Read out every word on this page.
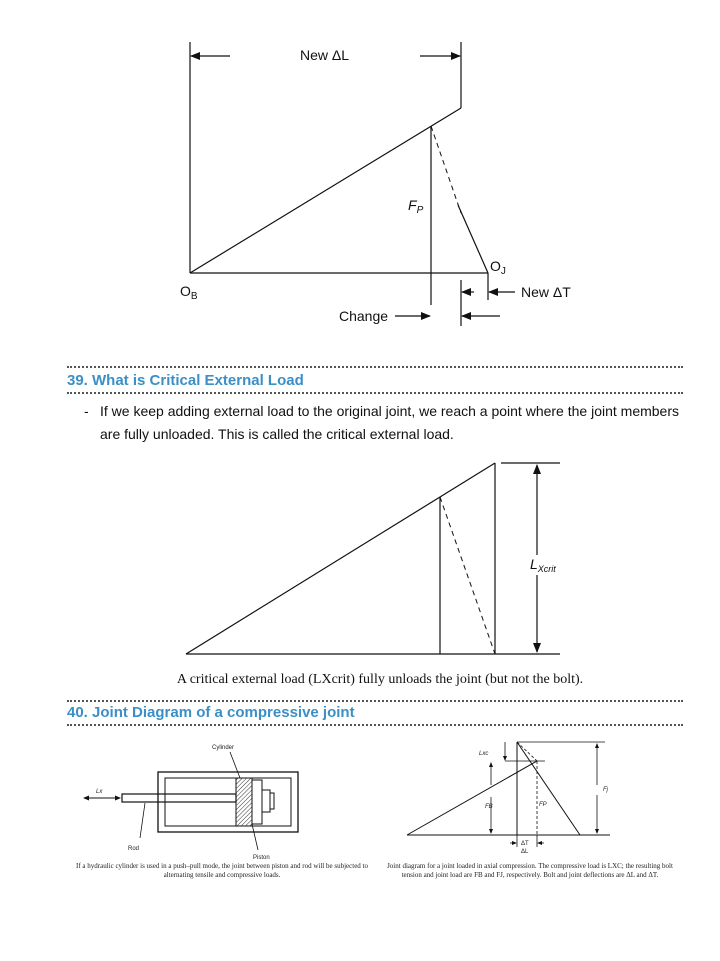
New ΔL
$F_P$
$O_B$
$O_J$
New ΔT
Change
39. What is Critical External Load
- If we keep adding external load to the original joint, we reach a point where the joint members are fully unloaded. This is called the critical external load.
$L_{Xcrit}$
A critical external load (LXcrit) fully unloads the joint (but not the bolt).
40. Joint Diagram of a compressive joint
Cylinder
Lx
Rod
Piston
If a hydraulic cylinder is used in a push–pull mode, the joint between piston and rod will be subjected to alternating tensile and compressive loads.
Lxc
FB	FP
Fj
ΔT
ΔL
Joint diagram for a joint loaded in axial compression. The compressive load is LXC; the resulting bolt tension and joint load are FB and FJ, respectively. Bolt and joint deflections are ΔL and ΔT.
